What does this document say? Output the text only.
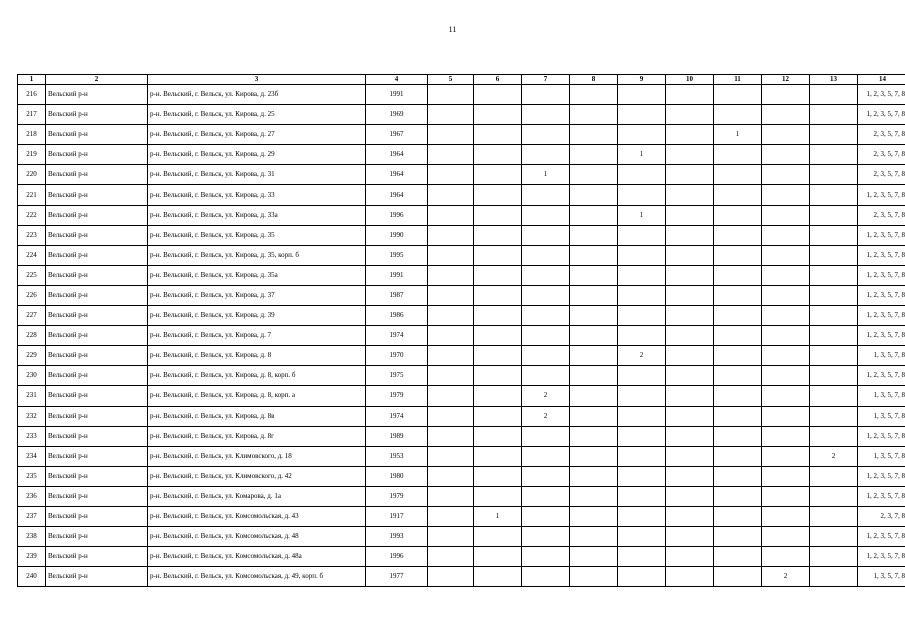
11
1	2	3	4	5	6	7	8	9	10	11	12	13	14
216	Вельский р-н	р-н. Вельский, г. Вельск, ул. Кирова, д. 23б	1991										1, 2, 3, 5, 7, 8
217	Вельский р-н	р-н. Вельский, г. Вельск, ул. Кирова, д. 25	1969										1, 2, 3, 5, 7, 8
218	Вельский р-н	р-н. Вельский, г. Вельск, ул. Кирова, д. 27	1967							1			2, 3, 5, 7, 8
219	Вельский р-н	р-н. Вельский, г. Вельск, ул. Кирова, д. 29	1964					1					2, 3, 5, 7, 8
220	Вельский р-н	р-н. Вельский, г. Вельск, ул. Кирова, д. 31	1964			1							2, 3, 5, 7, 8
221	Вельский р-н	р-н. Вельский, г. Вельск, ул. Кирова, д. 33	1964										1, 2, 3, 5, 7, 8
222	Вельский р-н	р-н. Вельский, г. Вельск, ул. Кирова, д. 33а	1996					1					2, 3, 5, 7, 8
223	Вельский р-н	р-н. Вельский, г. Вельск, ул. Кирова, д. 35	1990										1, 2, 3, 5, 7, 8
224	Вельский р-н	р-н. Вельский, г. Вельск, ул. Кирова, д. 35, корп. б	1995										1, 2, 3, 5, 7, 8
225	Вельский р-н	р-н. Вельский, г. Вельск, ул. Кирова, д. 35а	1991										1, 2, 3, 5, 7, 8
226	Вельский р-н	р-н. Вельский, г. Вельск, ул. Кирова, д. 37	1987										1, 2, 3, 5, 7, 8
227	Вельский р-н	р-н. Вельский, г. Вельск, ул. Кирова, д. 39	1986										1, 2, 3, 5, 7, 8
228	Вельский р-н	р-н. Вельский, г. Вельск, ул. Кирова, д. 7	1974										1, 2, 3, 5, 7, 8
229	Вельский р-н	р-н. Вельский, г. Вельск, ул. Кирова, д. 8	1970					2					1, 3, 5, 7, 8
230	Вельский р-н	р-н. Вельский, г. Вельск, ул. Кирова, д. 8, корп. б	1975										1, 2, 3, 5, 7, 8
231	Вельский р-н	р-н. Вельский, г. Вельск, ул. Кирова, д. 8, корп. а	1979			2							1, 3, 5, 7, 8
232	Вельский р-н	р-н. Вельский, г. Вельск, ул. Кирова, д. 8в	1974			2							1, 3, 5, 7, 8
233	Вельский р-н	р-н. Вельский, г. Вельск, ул. Кирова, д. 8г	1989										1, 2, 3, 5, 7, 8
234	Вельский р-н	р-н. Вельский, г. Вельск, ул. Климовского, д. 18	1953									2	1, 3, 5, 7, 8
235	Вельский р-н	р-н. Вельский, г. Вельск, ул. Климовского, д. 42	1980										1, 2, 3, 5, 7, 8
236	Вельский р-н	р-н. Вельский, г. Вельск, ул. Комарова, д. 1а	1979										1, 2, 3, 5, 7, 8
237	Вельский р-н	р-н. Вельский, г. Вельск, ул. Комсомольская, д. 43	1917		1								2, 3, 7, 8
238	Вельский р-н	р-н. Вельский, г. Вельск, ул. Комсомольская, д. 48	1993										1, 2, 3, 5, 7, 8
239	Вельский р-н	р-н. Вельский, г. Вельск, ул. Комсомольская, д. 48а	1996										1, 2, 3, 5, 7, 8
240	Вельский р-н	р-н. Вельский, г. Вельск, ул. Комсомольская, д. 49, корп. б	1977								2		1, 3, 5, 7, 8
